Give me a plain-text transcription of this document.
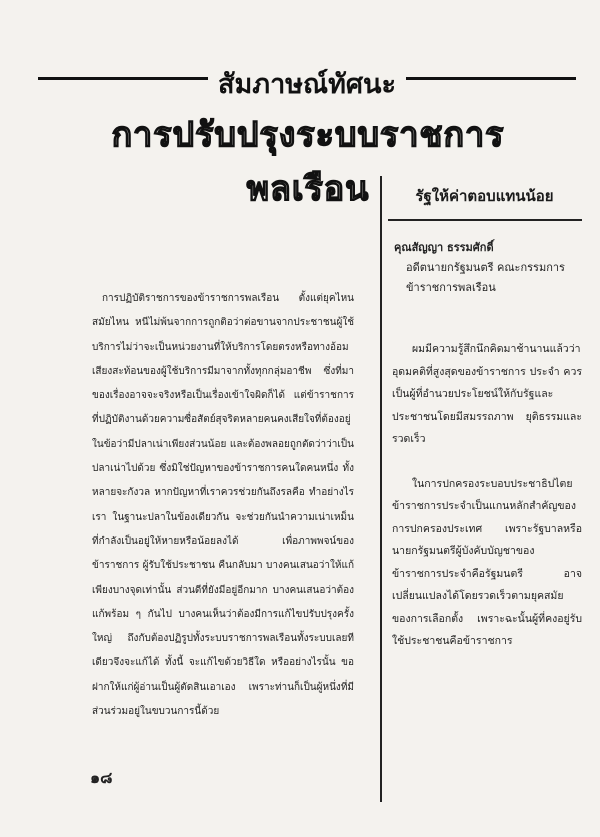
สัมภาษณ์ทัศนะ
การปรับปรุงระบบราชการพลเรือน

การปฏิบัติราชการของข้าราชการพลเรือน ตั้งแต่ยุคไหนสมัยไหน หนีไม่พ้นจากการถูกติอว่าต่อขานจากประชาชนผู้ใช้บริการไม่ว่าจะเป็นหน่วยงานที่ให้บริการโดยตรงหรือทางอ้อม เสียงสะท้อนของผู้ใช้บริการมีมาจากทั้งทุกกลุ่มอาชีพ ซึ่งที่มาของเรื่องอาจจะจริงหรือเป็นเรื่องเข้าใจผิดก็ได้ แต่ข้าราชการที่ปฏิบัติงานด้วยความซื่อสัตย์สุจริตหลายคนคงเสียใจที่ต้องอยู่ในข้อว่ามีปลาเน่าเพียงส่วนน้อย และต้องพลอยถูกตัดว่าว่าเป็นปลาเน่าไปด้วย ซึ่งมิใช่ปัญหาของข้าราชการคนใดคนหนึ่ง ทั้งหลายจะกังวล หากปัญหาที่เราควรช่วยกันถึงรลคือ ทำอย่างไร เรา ในฐานะปลาในข้องเดียวกัน จะช่วยกันนำความเน่าเหม็นที่กำลังเป็นอยู่ให้หายหรือน้อยลงได้ เพื่อภาพพจน์ของข้าราชการ ผู้รับใช้ประชาชน คืนกลับมา บางคนเสนอว่าให้แก้เพียงบางจุดเท่านั้น ส่วนดีที่ยังมีอยู่อีกมาก บางคนเสนอว่าต้องแก้พร้อม ๆ กันไป บางคนเห็นว่าต้องมีการแก้ไขปรับปรุงครั้งใหญ่ ถึงกับต้องปฏิรูปทั้งระบบราชการพลเรือนทั้งระบบเลยทีเดียวจึงจะแก้ได้ ทั้งนี้ จะแก้ไขด้วยวิธีใด หรืออย่างไรนั้น ขอฝากให้แก่ผู้อ่านเป็นผู้ตัดสินเอาเอง เพราะท่านก็เป็นผู้หนึ่งที่มีส่วนร่วมอยู่ในขบวนการนี้ด้วย

๑๘
รัฐให้ค่าตอบแทนน้อย
คุณสัญญา ธรรมศักดิ์
อดีตนายกรัฐมนตรี คณะกรรมการข้าราชการพลเรือน

ผมมีความรู้สึกนึกคิดมาช้านานแล้วว่า อุดมคติที่สูงสุดของข้าราชการ ประจำ ควรเป็นผู้ที่อำนวยประโยชน์ให้กับรัฐและประชาชนโดยมีสมรรถภาพ ยุติธรรมและรวดเร็ว

ในการปกครองระบอบประชาธิปไตย ข้าราชการประจำเป็นแกนหลักสำคัญของการปกครองประเทศ เพราะรัฐบาลหรือนายกรัฐมนตรีผู้บังคับบัญชาของข้าราชการประจำคือรัฐมนตรี อาจเปลี่ยนแปลงได้โดยรวดเร็วตามยุคสมัยของการเลือกตั้ง เพราะฉะนั้นผู้ที่คงอยู่รับใช้ประชาชนคือข้าราชการ
